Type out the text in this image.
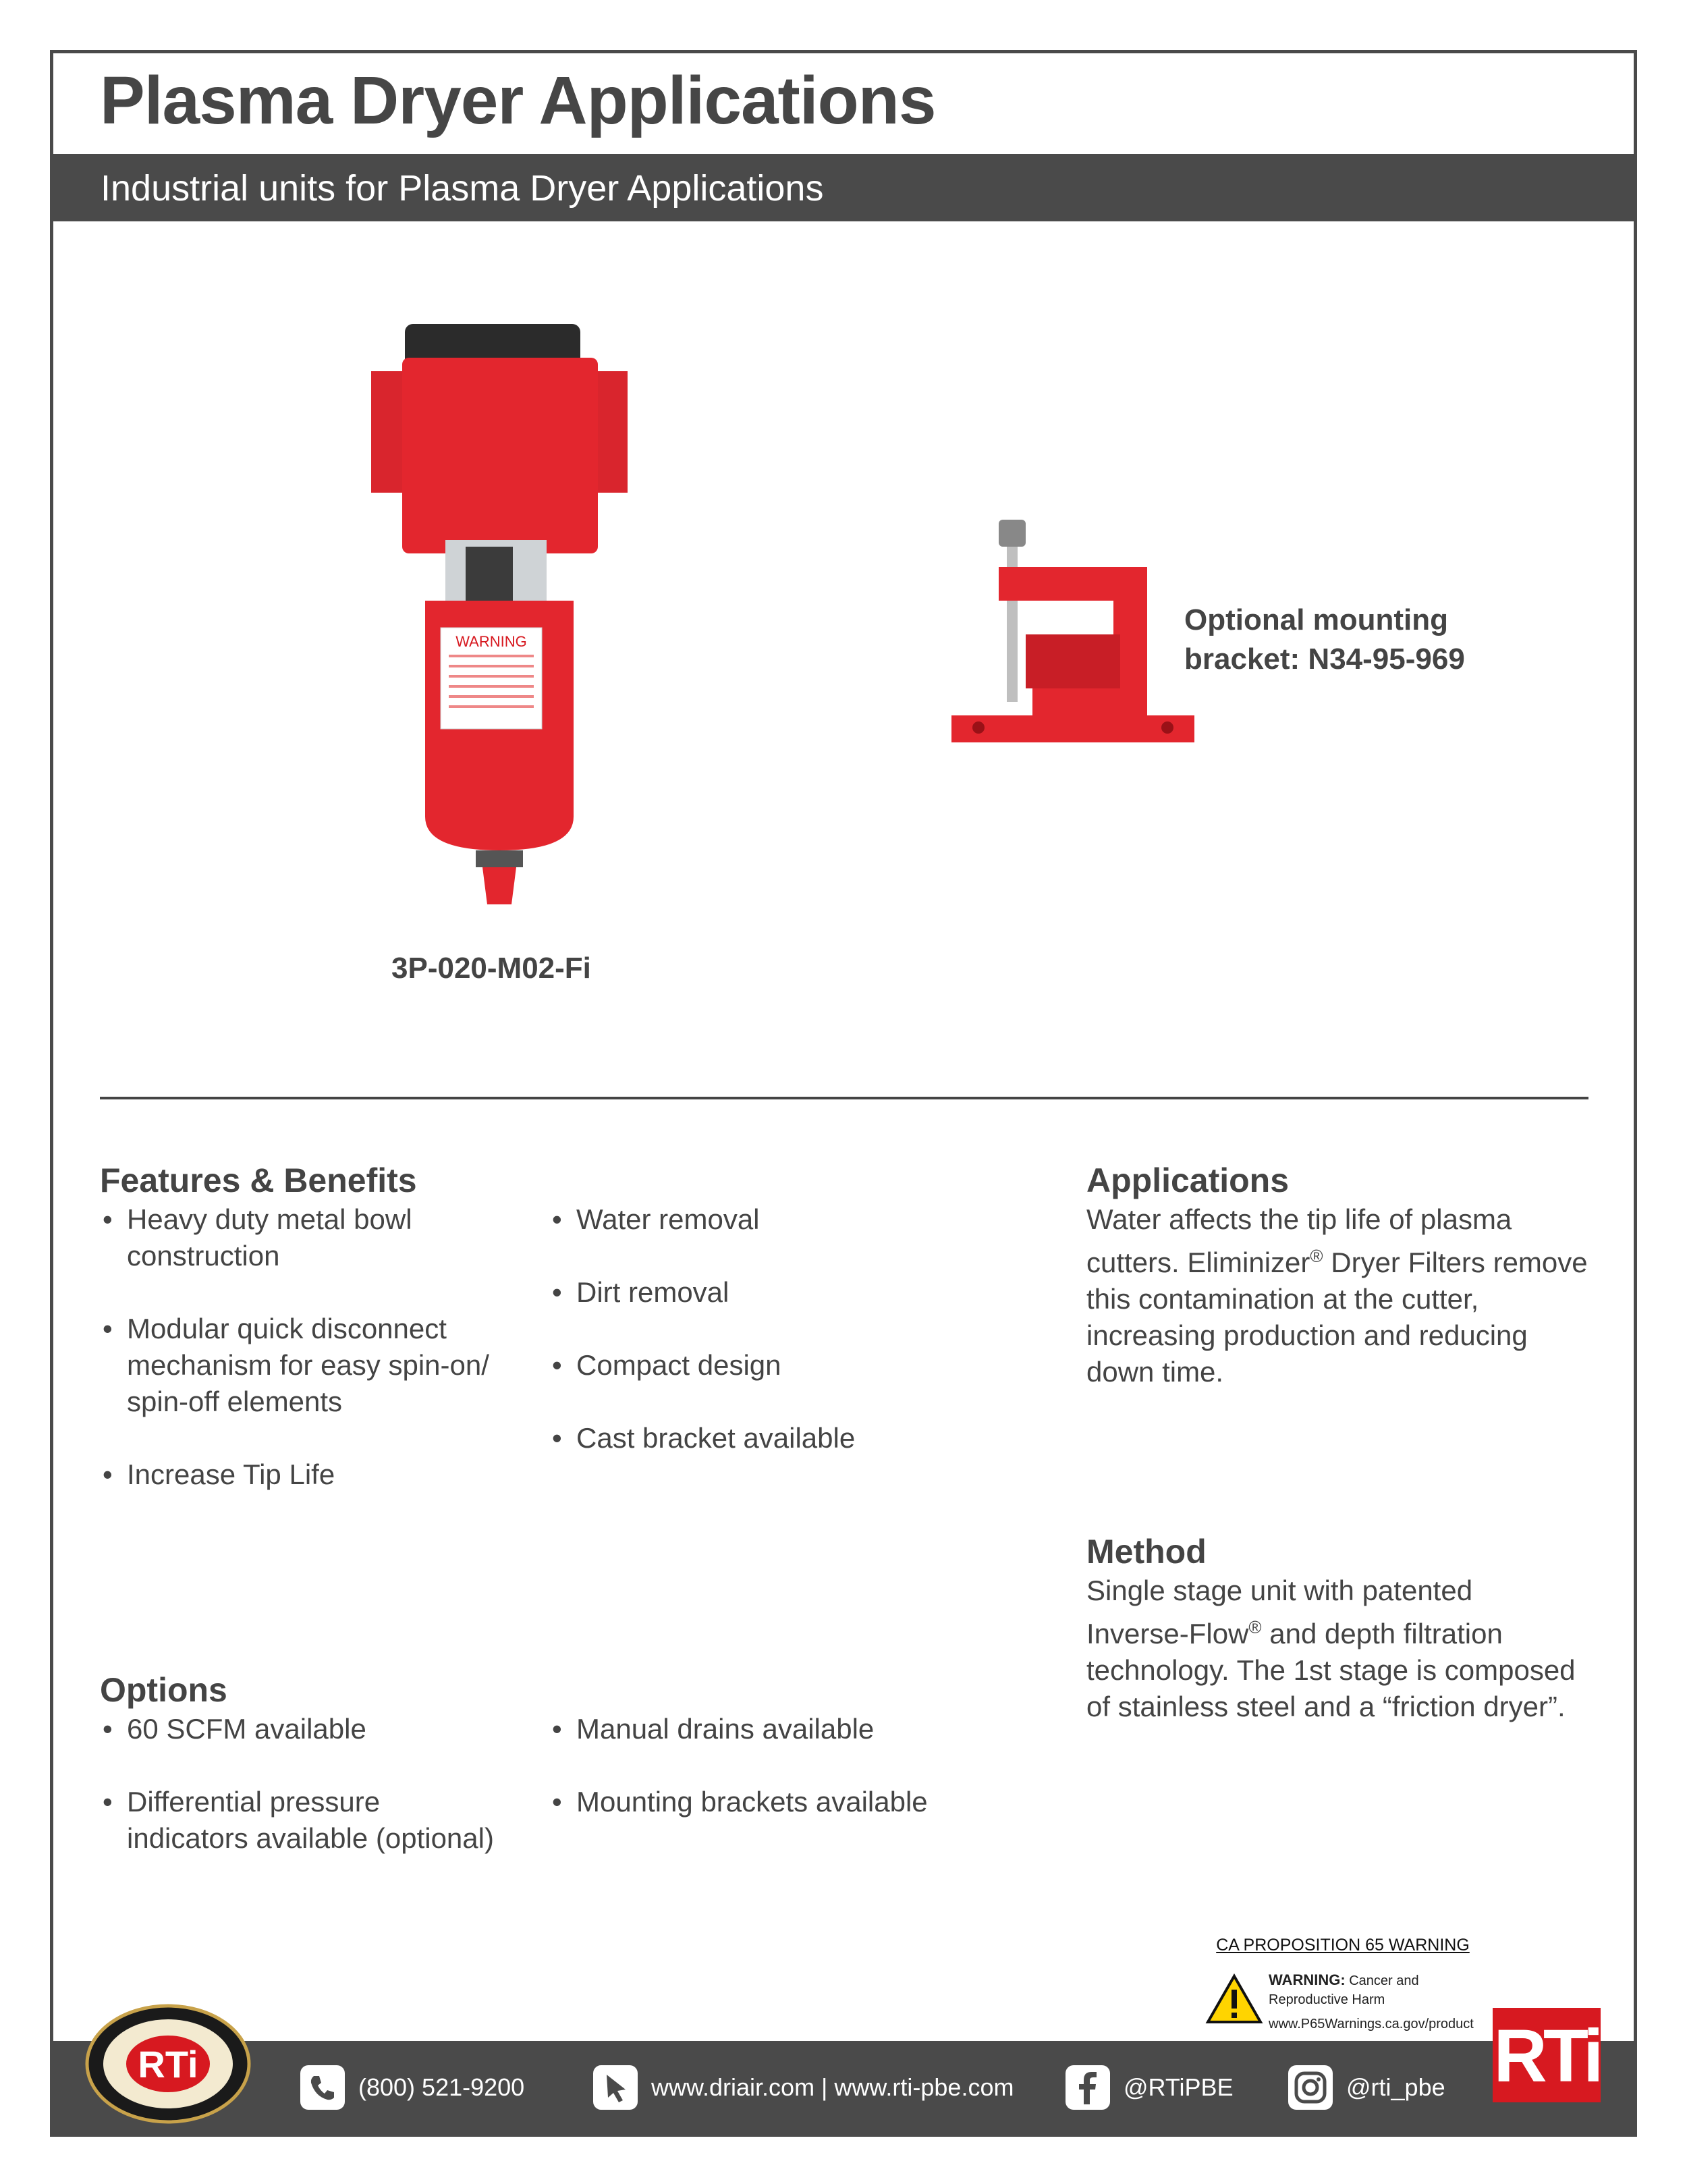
Plasma Dryer Applications
Industrial units for Plasma Dryer Applications
WARNING
3P-020-M02-Fi
Optional mounting
bracket: N34-95-969
Features & Benefits
• Heavy duty metal bowl
construction
• Modular quick disconnect
mechanism for easy spin-on/
spin-off elements
• Increase Tip Life
• Water removal
• Dirt removal
• Compact design
• Cast bracket available
Options
• 60 SCFM available
• Differential pressure
indicators available (optional)
• Manual drains available
• Mounting brackets available
Applications
Water affects the tip life of plasma
cutters. Eliminizer® Dryer Filters remove
this contamination at the cutter,
increasing production and reducing
down time.
Method
Single stage unit with patented
Inverse-Flow® and depth filtration
technology. The 1st stage is composed
of stainless steel and a “friction dryer”.
CA PROPOSITION 65 WARNING
WARNING: Cancer and
Reproductive Harm
www.P65Warnings.ca.gov/product
(800) 521-9200	www.driair.com | www.rti-pbe.com	@RTiPBE	@rti_pbe
RTi	RTi
